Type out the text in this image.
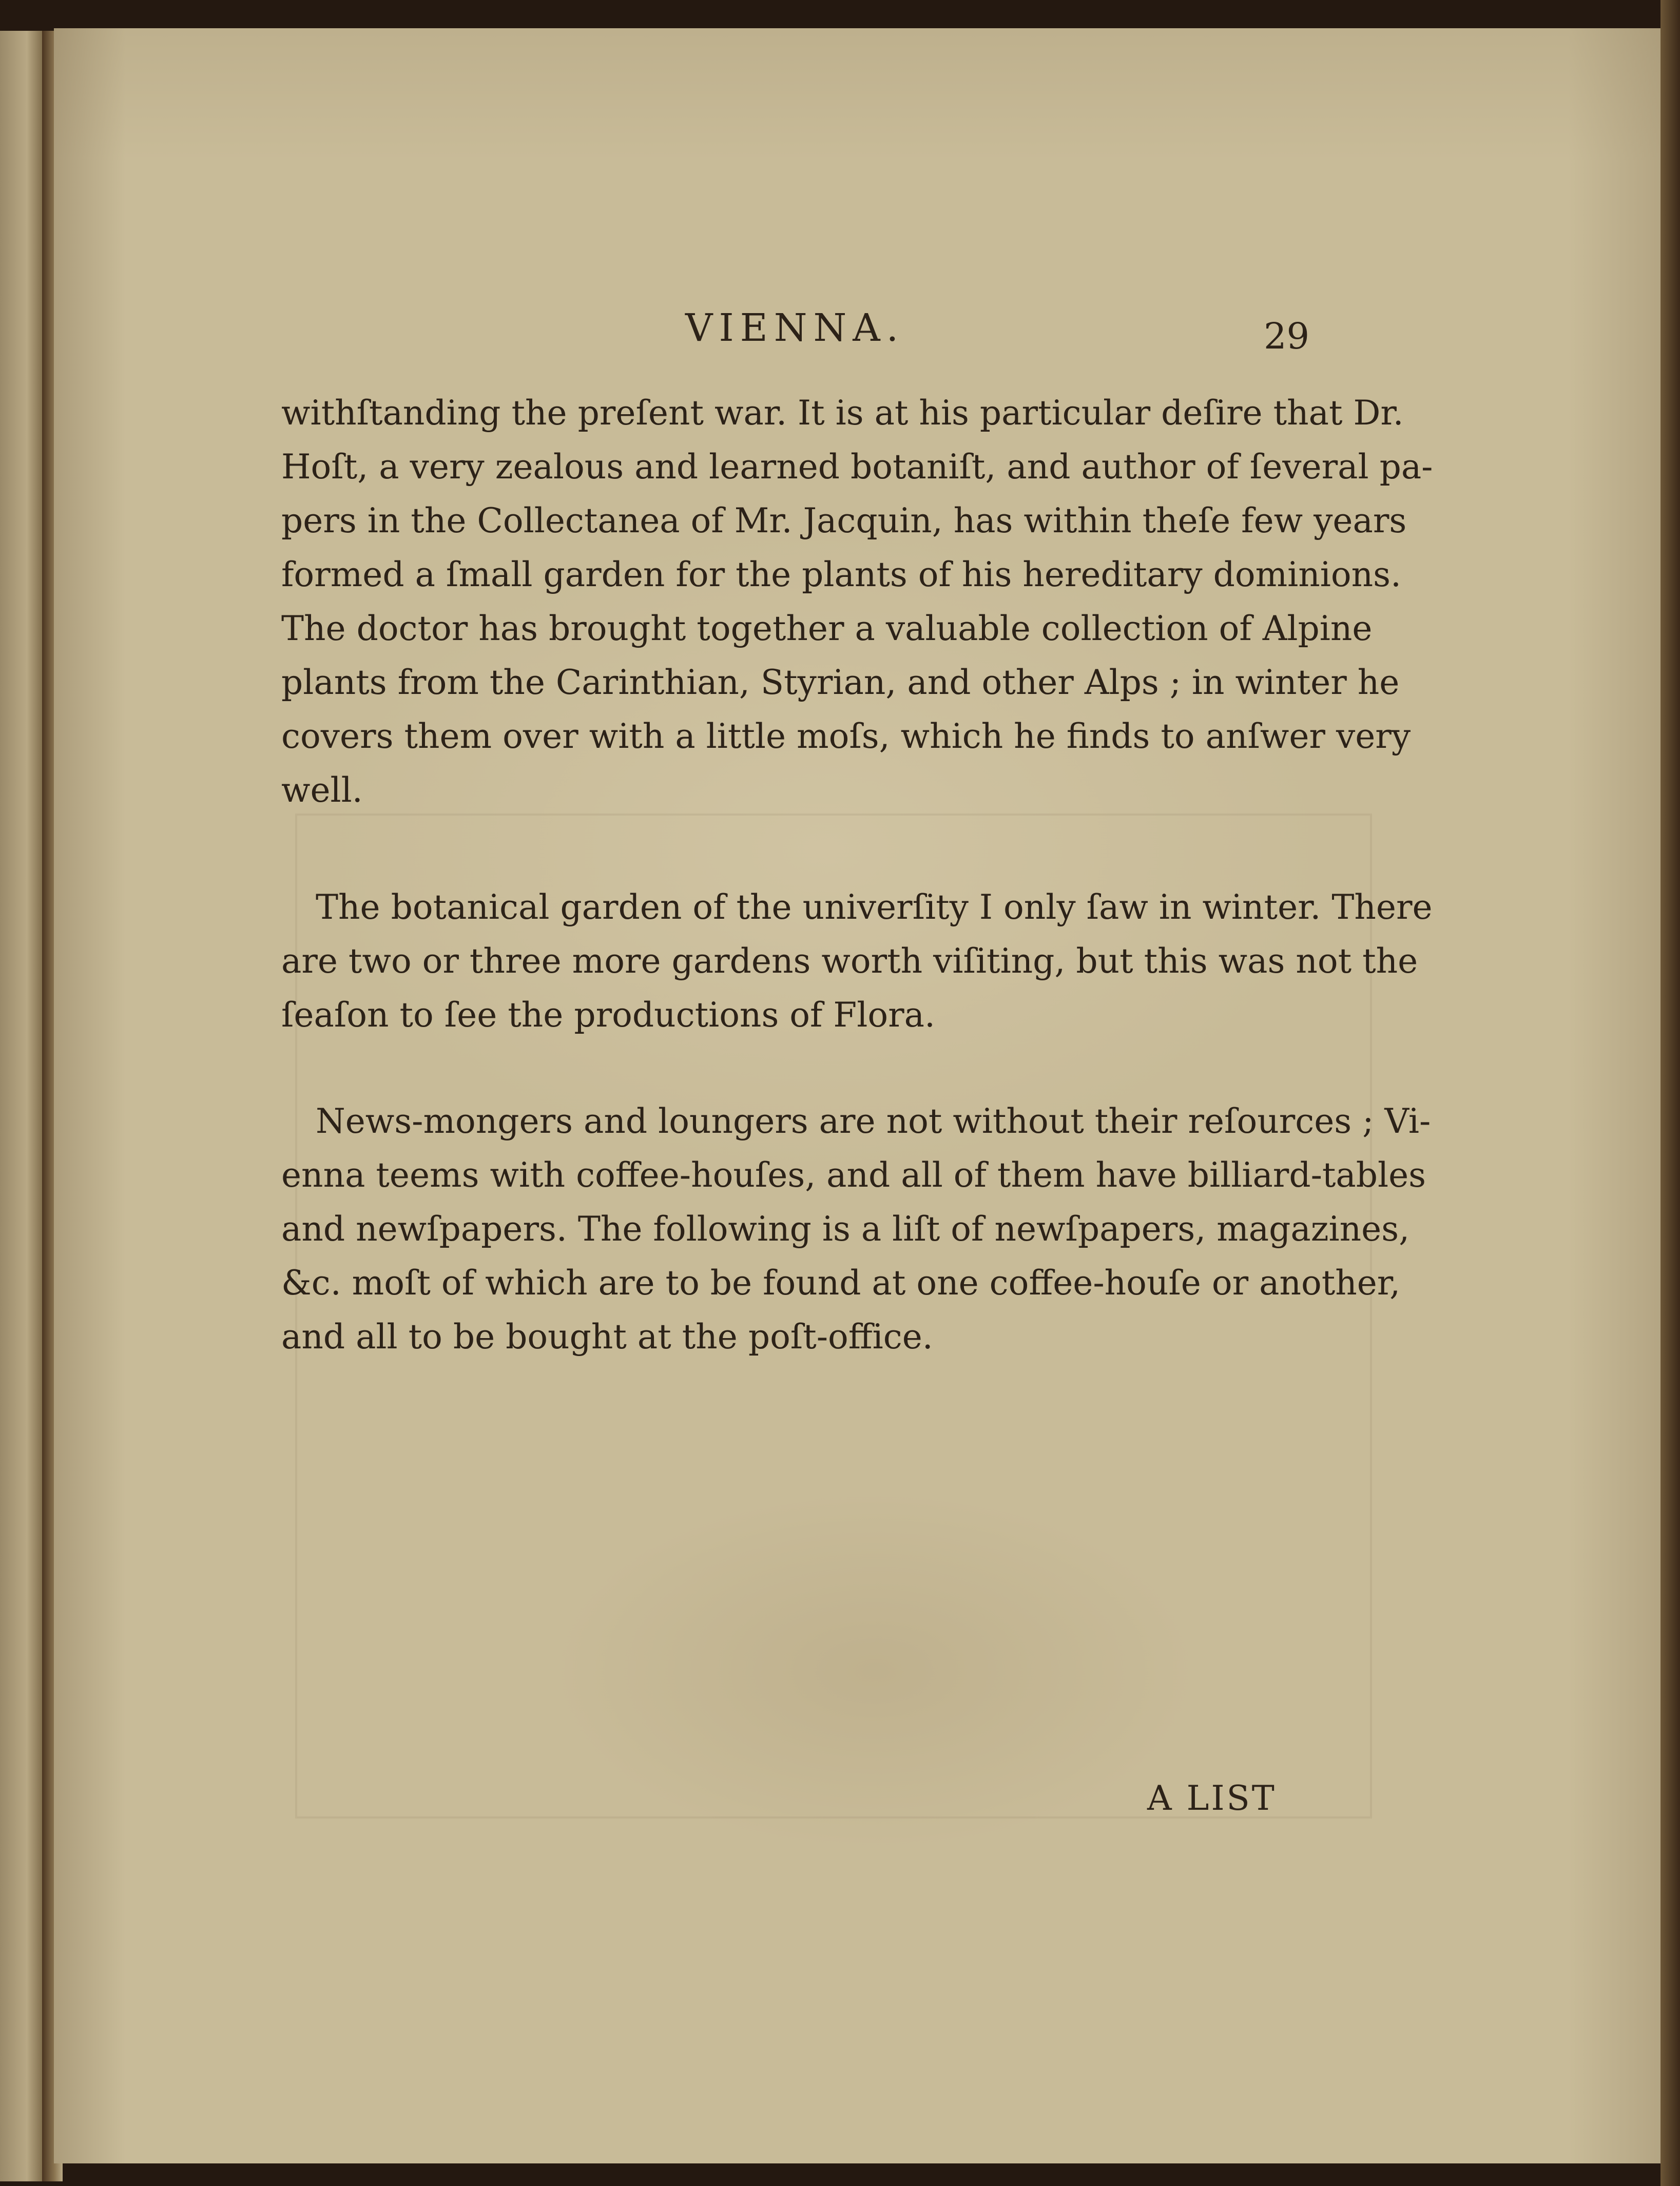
VIENNA.	29
withſtanding the preſent war. It is at his particular deſire that Dr.
Hoſt, a very zealous and learned botaniſt, and author of ſeveral pa-
pers in the Collectanea of Mr. Jacquin, has within theſe few years
formed a ſmall garden for the plants of his hereditary dominions.
The doctor has brought together a valuable collection of Alpine
plants from the Carinthian, Styrian, and other Alps ; in winter he
covers them over with a little moſs, which he finds to anſwer very
well.
The botanical garden of the univerſity I only ſaw in winter. There
are two or three more gardens worth viſiting, but this was not the
ſeaſon to ſee the productions of Flora.
News-mongers and loungers are not without their reſources ; Vi-
enna teems with coffee-houſes, and all of them have billiard-tables
and newſpapers. The following is a liſt of newſpapers, magazines,
&c. moſt of which are to be found at one coffee-houſe or another,
and all to be bought at the poſt-office.
A LIST
